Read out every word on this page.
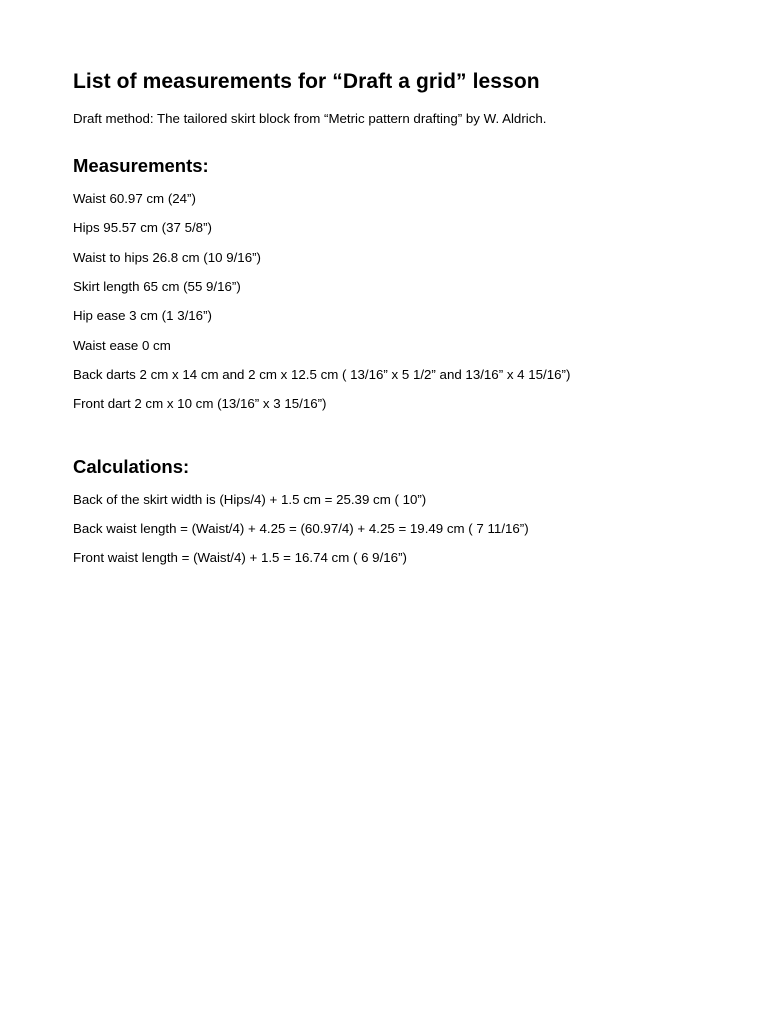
List of measurements for “Draft a grid” lesson

Draft method: The tailored skirt block from “Metric pattern drafting” by W. Aldrich.

Measurements:

Waist 60.97 cm (24”)

Hips 95.57 cm (37 5/8”)

Waist to hips 26.8 cm (10 9/16”)

Skirt length 65 cm (55 9/16”)

Hip ease 3 cm (1 3/16”)

Waist ease 0 cm

Back darts 2 cm x 14 cm and 2 cm x 12.5 cm ( 13/16” x 5 1/2” and 13/16” x 4 15/16”)

Front dart 2 cm x 10 cm (13/16” x 3 15/16”)

Calculations:

Back of the skirt width is (Hips/4) + 1.5 cm = 25.39 cm ( 10”)

Back waist length = (Waist/4) + 4.25 = (60.97/4) + 4.25 = 19.49 cm ( 7 11/16”)

Front waist length = (Waist/4) + 1.5 = 16.74 cm ( 6 9/16”)
